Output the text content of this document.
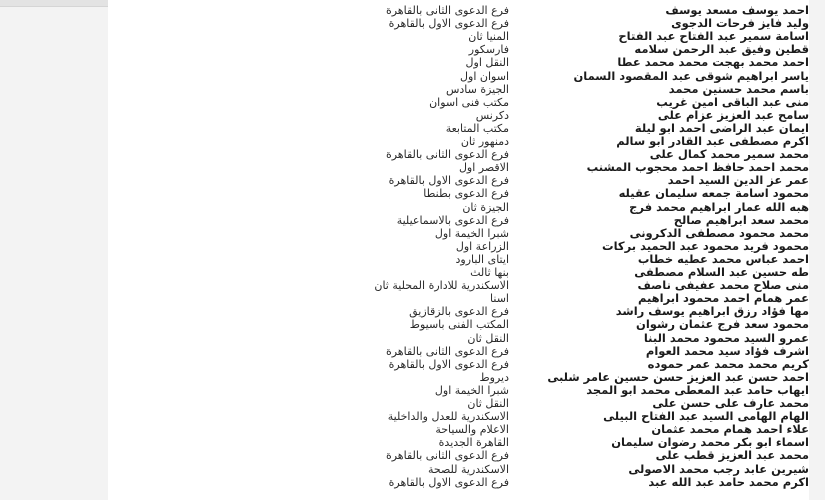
احمد يوسف مسعد يوسف
فرع الدعوى الثانى بالقاهرة
وليد فايز فرحات الدجوى
فرع الدعوى الاول بالقاهرة
اسامة سمير عبد الفتاح عبد الفتاح
المنيا ثان
قطين وفيق عبد الرحمن سلامه
فارسكور
احمد محمد بهجت محمد محمد عطا
النقل اول
ياسر ابراهيم شوقى عبد المقصود السمان
اسوان اول
باسم محمد حسنين محمد
الجيزة سادس
منى عبد الباقى امين غريب
مكتب فنى اسوان
سامح عبد العزيز عزام على
دكرنس
ايمان عبد الراضى احمد ابو ليلة
مكتب المتابعة
اكرم مصطفى عبد القادر ابو سالم
دمنهور ثان
محمد سمير محمد كمال على
فرع الدعوى الثانى بالقاهرة
محمد احمد حافظ احمد محجوب المشنب
الاقصر اول
عمر عز الدين السيد احمد
فرع الدعوى الاول بالقاهرة
محمود اسامة جمعه سليمان عقيله
فرع الدعوى بطنطا
هبه الله عمار ابراهيم محمد فرج
الجيزة ثان
محمد سعد ابراهيم صالح
فرع الدعوى بالاسماعيلية
محمد محمود مصطفى الدكرونى
شبرا الخيمة اول
محمود فريد محمود عبد الحميد بركات
الزراعة اول
احمد عباس محمد عطيه خطاب
ايتاى البارود
طه حسين عبد السلام مصطفى
بنها ثالث
منى صلاح محمد عفيفى ناصف
الاسكندرية للادارة المحلية ثان
عمر همام احمد محمود ابراهيم
اسنا
مها فؤاد رزق ابراهيم يوسف راشد
فرع الدعوى بالزقازيق
محمود سعد فرج عثمان رشوان
المكتب الفنى باسيوط
عمرو السيد محمود محمد البنا
النقل ثان
اشرف فؤاد سيد محمد العوام
فرع الدعوى الثانى بالقاهرة
كريم محمد محمد عمر حموده
فرع الدعوى الاول بالقاهرة
احمد حسن عبد العزيز حسن حسين عامر شلبى
ديروط
ايهاب حامد عبد المعطى محمد ابو المجد
شبرا الخيمة اول
محمد عارف على حسن على
النقل ثان
الهام الهامى السيد عبد الفتاح البيلى
الاسكندرية للعدل والداخلية
علاء احمد همام محمد عثمان
الاعلام والسياحة
اسماء ابو بكر محمد رضوان سليمان
القاهرة الجديدة
محمد عبد العزيز قطب على
فرع الدعوى الثانى بالقاهرة
شيرين عابد رجب محمد الاصولى
الاسكندرية للصحة
اكرم محمد حامد عبد الله عبد
فرع الدعوى الاول بالقاهرة
